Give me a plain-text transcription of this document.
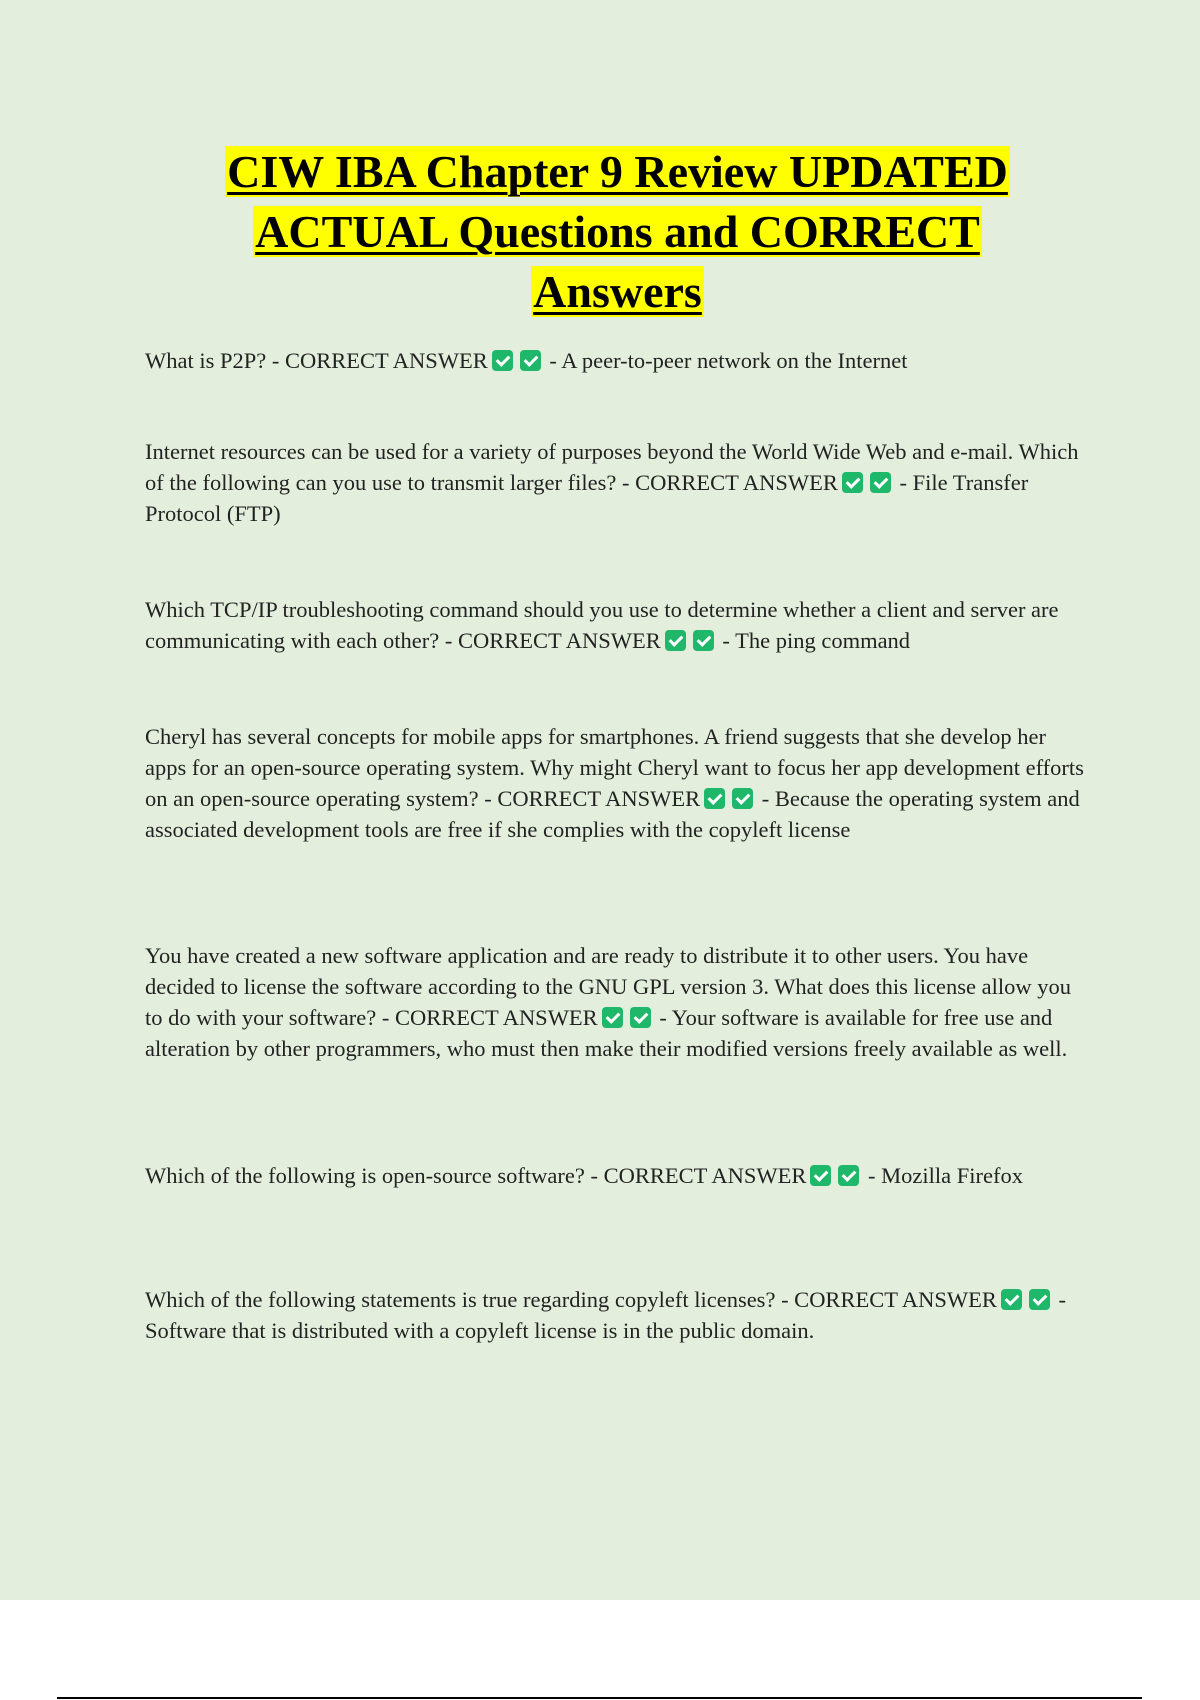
CIW IBA Chapter 9 Review UPDATED
ACTUAL Questions and CORRECT
Answers

What is P2P? - CORRECT ANSWER	- A peer-to-peer network on the Internet

Internet resources can be used for a variety of purposes beyond the World Wide Web and e-mail. Which of the following can you use to transmit larger files? - CORRECT ANSWER	- File Transfer Protocol (FTP)

Which TCP/IP troubleshooting command should you use to determine whether a client and server are communicating with each other? - CORRECT ANSWER	- The ping command

Cheryl has several concepts for mobile apps for smartphones. A friend suggests that she develop her apps for an open-source operating system. Why might Cheryl want to focus her app development efforts on an open-source operating system? - CORRECT ANSWER	- Because the operating system and associated development tools are free if she complies with the copyleft license

You have created a new software application and are ready to distribute it to other users. You have decided to license the software according to the GNU GPL version 3. What does this license allow you to do with your software? - CORRECT ANSWER	- Your software is available for free use and alteration by other programmers, who must then make their modified versions freely available as well.

Which of the following is open-source software? - CORRECT ANSWER	- Mozilla Firefox

Which of the following statements is true regarding copyleft licenses? - CORRECT ANSWER	- Software that is distributed with a copyleft license is in the public domain.
